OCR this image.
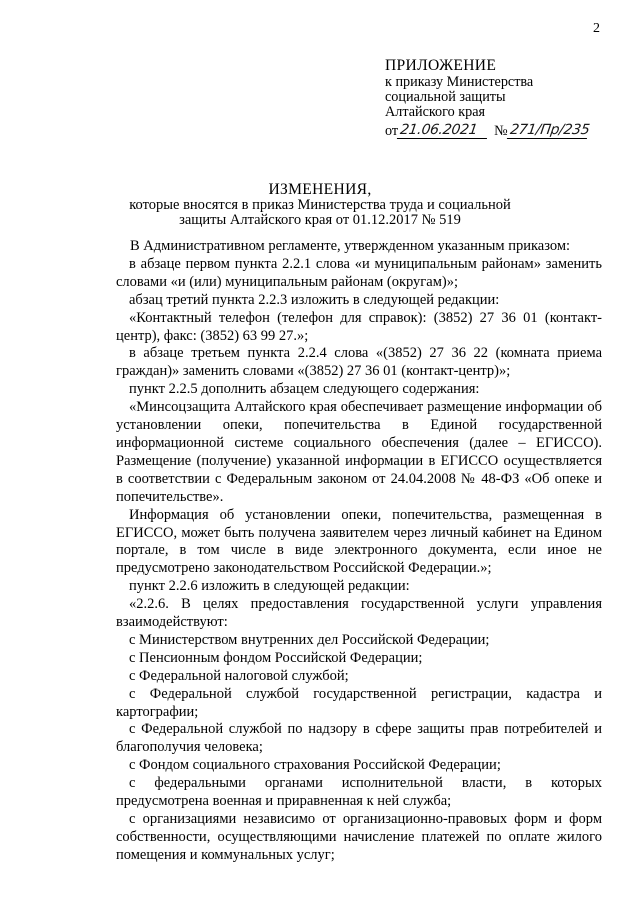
2
ПРИЛОЖЕНИЕ
к приказу Министерства
социальной защиты
Алтайского края
от 21.06.2021	№ 271/Пр/235
ИЗМЕНЕНИЯ,
которые вносятся в приказ Министерства труда и социальной
защиты Алтайского края от 01.12.2017 № 519

В Административном регламенте, утвержденном указанным приказом:

в абзаце первом пункта 2.2.1 слова «и муниципальным районам» заменить словами «и (или) муниципальным районам (округам)»;

абзац третий пункта 2.2.3 изложить в следующей редакции:

«Контактный телефон (телефон для справок): (3852) 27 36 01 (контакт-центр), факс: (3852) 63 99 27.»;

в абзаце третьем пункта 2.2.4 слова «(3852) 27 36 22 (комната приема граждан)» заменить словами «(3852) 27 36 01 (контакт-центр)»;

пункт 2.2.5 дополнить абзацем следующего содержания:

«Минсоцзащита Алтайского края обеспечивает размещение информации об установлении опеки, попечительства в Единой государственной информационной системе социального обеспечения (далее – ЕГИССО). Размещение (получение) указанной информации в ЕГИССО осуществляется в соответствии с Федеральным законом от 24.04.2008 № 48-ФЗ «Об опеке и попечительстве».

Информация об установлении опеки, попечительства, размещенная в ЕГИССО, может быть получена заявителем через личный кабинет на Едином портале, в том числе в виде электронного документа, если иное не предусмотрено законодательством Российской Федерации.»;

пункт 2.2.6 изложить в следующей редакции:

«2.2.6. В целях предоставления государственной услуги управления взаимодействуют:

с Министерством внутренних дел Российской Федерации;

с Пенсионным фондом Российской Федерации;

с Федеральной налоговой службой;

с Федеральной службой государственной регистрации, кадастра и картографии;

с Федеральной службой по надзору в сфере защиты прав потребителей и благополучия человека;

с Фондом социального страхования Российской Федерации;

с федеральными органами исполнительной власти, в которых предусмотрена военная и приравненная к ней служба;

с организациями независимо от организационно-правовых форм и форм собственности, осуществляющими начисление платежей по оплате жилого помещения и коммунальных услуг;
